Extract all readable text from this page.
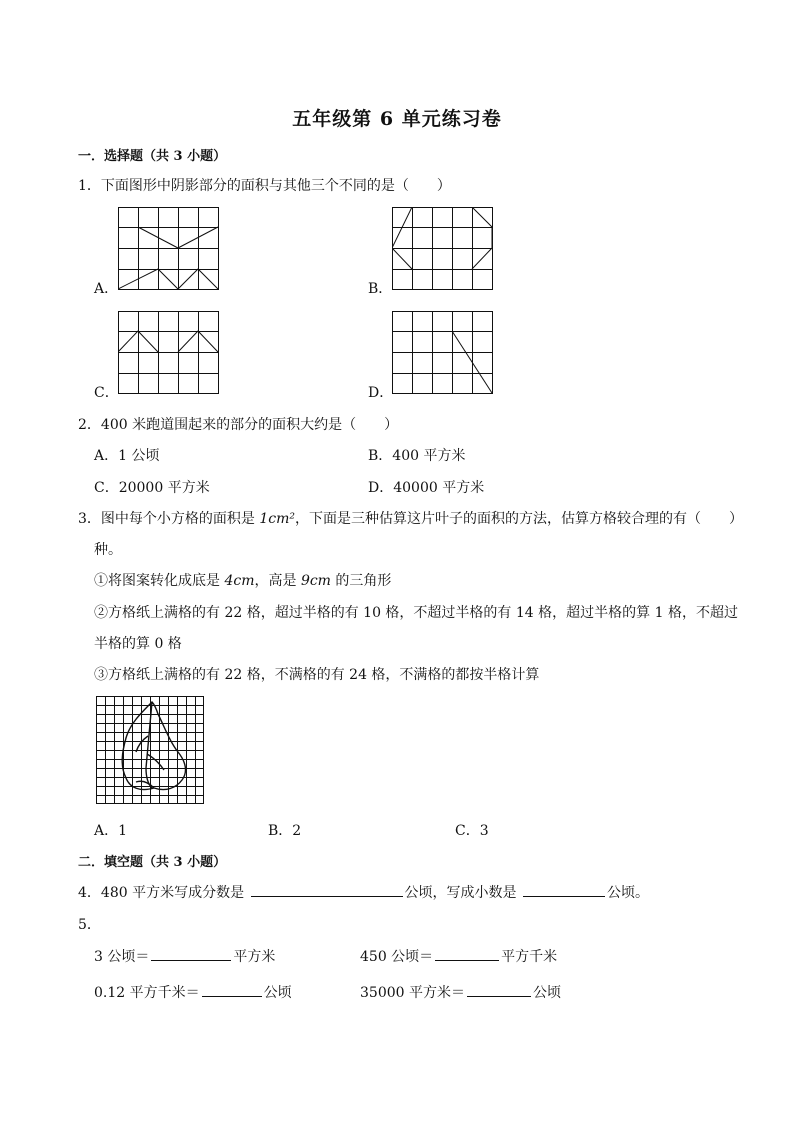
五年级第 6 单元练习卷
一．选择题（共 3 小题）
1．下面图形中阴影部分的面积与其他三个不同的是（　　）
A．	B．
C．	D．
2．400 米跑道围起来的部分的面积大约是（　　）
A．1 公顷	B．400 平方米
C．20000 平方米	D．40000 平方米
3．图中每个小方格的面积是 1cm²，下面是三种估算这片叶子的面积的方法，估算方格较合理的有（　　）
种。
①将图案转化成底是 4cm，高是 9cm 的三角形
②方格纸上满格的有 22 格，超过半格的有 10 格，不超过半格的有 14 格，超过半格的算 1 格，不超过
半格的算 0 格
③方格纸上满格的有 22 格，不满格的有 24 格，不满格的都按半格计算
A．1	B．2	C．3
二．填空题（共 3 小题）
4．480 平方米写成分数是	公顷，写成小数是	公顷。
5．
3 公顷＝	平方米	450 公顷＝	平方千米
0.12 平方千米＝	公顷	35000 平方米＝	公顷
